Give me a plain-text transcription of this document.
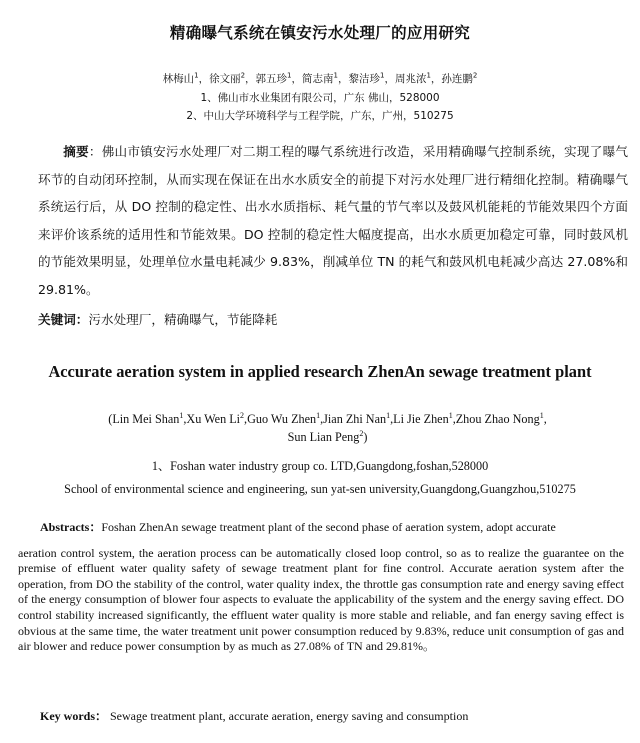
精确曝气系统在镇安污水处理厂的应用研究
林梅山$^1$，徐文丽$^2$，郭五珍$^1$，简志南$^1$，黎洁珍$^1$，周兆浓$^1$，孙连鹏$^2$
1、佛山市水业集团有限公司，广东 佛山，528000
2、中山大学环境科学与工程学院，广东，广州，510275
摘要：佛山市镇安污水处理厂对二期工程的曝气系统进行改造，采用精确曝气控制系统，实现了曝气环节的自动闭环控制，从而实现在保证在出水水质安全的前提下对污水处理厂进行精细化控制。精确曝气系统运行后，从 DO 控制的稳定性、出水水质指标、耗气量的节气率以及鼓风机能耗的节能效果四个方面来评价该系统的适用性和节能效果。DO 控制的稳定性大幅度提高，出水水质更加稳定可靠，同时鼓风机的节能效果明显，处理单位水量电耗减少 9.83%，削减单位 TN 的耗气和鼓风机电耗减少高达 27.08%和 29.81%。
关键词：污水处理厂，精确曝气，节能降耗
Accurate aeration system in applied research ZhenAn sewage treatment plant
(Lin Mei Shan$^1$,Xu Wen Li$^2$,Guo Wu Zhen$^1$,Jian Zhi Nan$^1$,Li Jie Zhen$^1$,Zhou Zhao Nong$^1$,
Sun Lian Peng$^2$)
1、Foshan water industry group co. LTD,Guangdong,foshan,528000
School of environmental science and engineering, sun yat-sen university,Guangdong,Guangzhou,510275
Abstracts：Foshan ZhenAn sewage treatment plant of the second phase of aeration system, adopt accurate
aeration control system, the aeration process can be automatically closed loop control, so as to realize the guarantee on the premise of effluent water quality safety of sewage treatment plant for fine control. Accurate aeration system after the operation, from DO the stability of the control, water quality index, the throttle gas consumption rate and energy saving effect of the energy consumption of blower four aspects to evaluate the applicability of the system and the energy saving effect. DO control stability increased significantly, the effluent water quality is more stable and reliable, and fan energy saving effect is obvious at the same time, the water treatment unit power consumption reduced by 9.83%, reduce unit consumption of gas and air blower and reduce power consumption by as much as 27.08% of TN and 29.81%。
Key words： Sewage treatment plant, accurate aeration, energy saving and consumption
